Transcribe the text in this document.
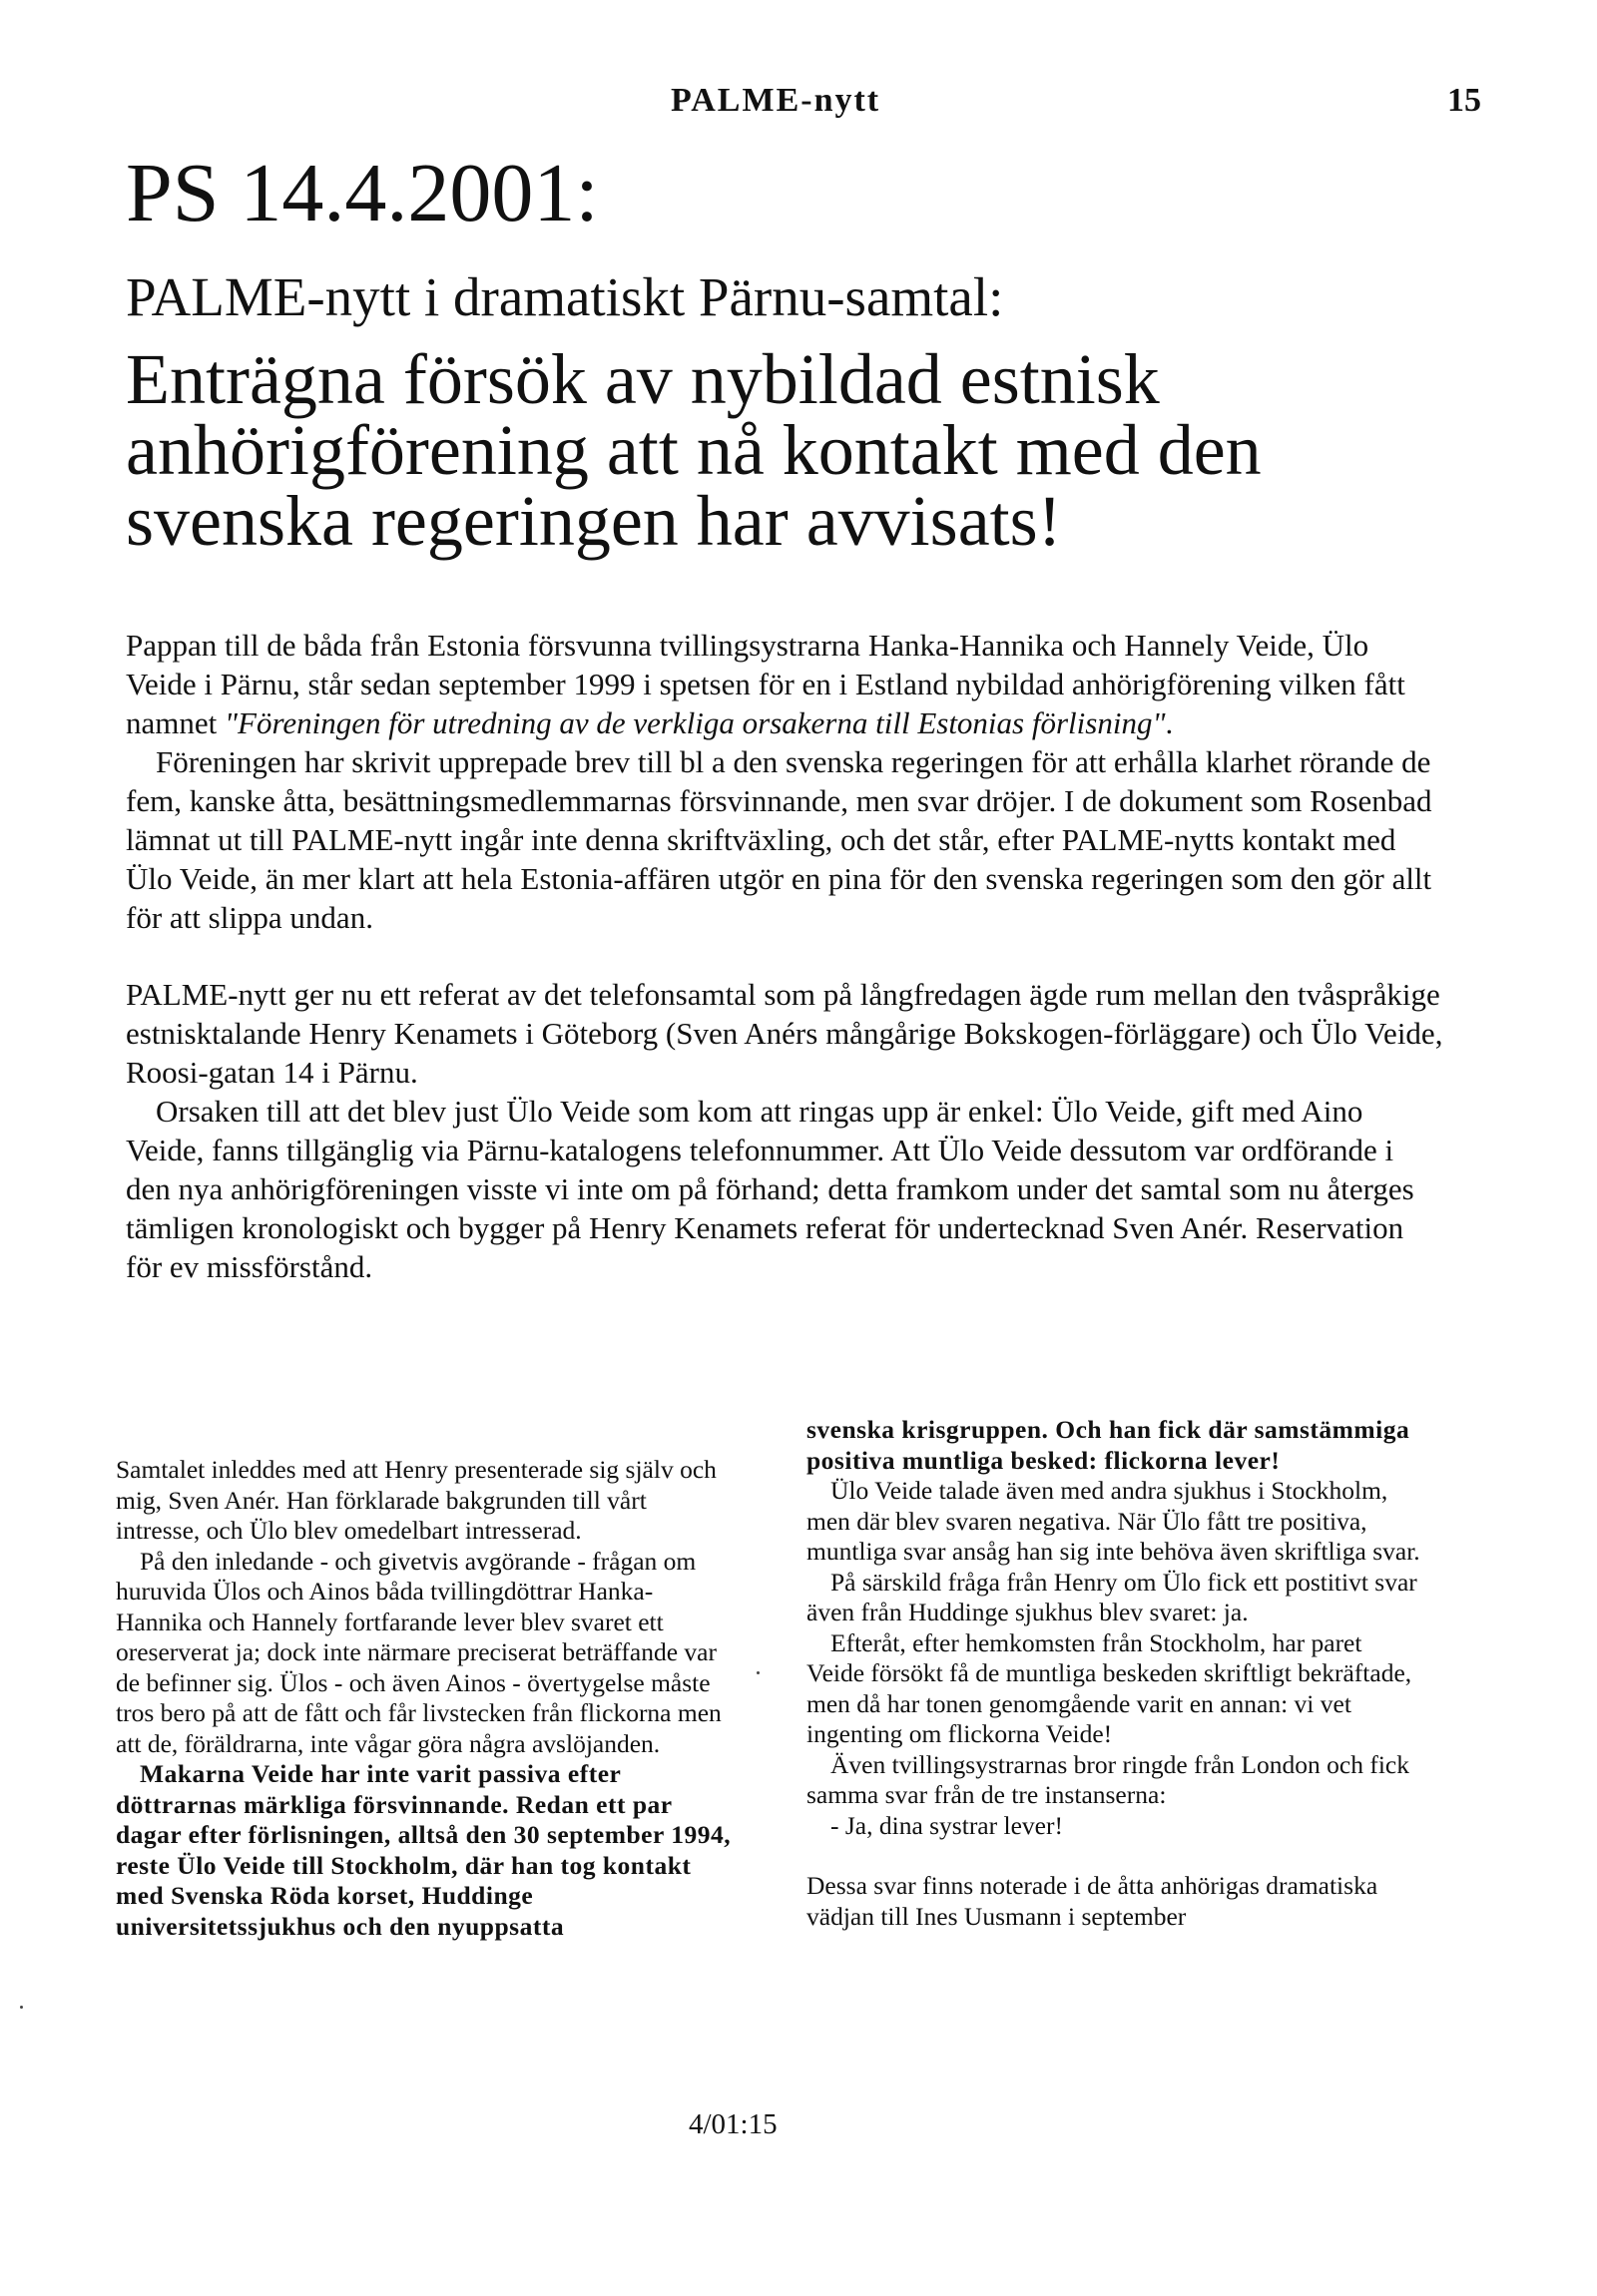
PALME-nytt	15
PS 14.4.2001:
PALME-nytt i dramatiskt Pärnu-samtal:
Enträgna försök av nybildad estnisk
anhörigförening att nå kontakt med den
svenska regeringen har avvisats!

Pappan till de båda från Estonia försvunna tvillingsystrarna Hanka-Hannika och Hannely Veide, Ülo Veide i Pärnu, står sedan september 1999 i spetsen för en i Estland nybildad anhörigförening vilken fått namnet "Föreningen för utredning av de verkliga orsakerna till Estonias förlisning".

Föreningen har skrivit upprepade brev till bl a den svenska regeringen för att erhålla klarhet rörande de fem, kanske åtta, besättningsmedlemmarnas försvinnande, men svar dröjer. I de dokument som Rosenbad lämnat ut till PALME-nytt ingår inte denna skriftväxling, och det står, efter PALME-nytts kontakt med Ülo Veide, än mer klart att hela Estonia-affären utgör en pina för den svenska regeringen som den gör allt för att slippa undan.

PALME-nytt ger nu ett referat av det telefonsamtal som på långfredagen ägde rum mellan den tvåspråkige estnisktalande Henry Kenamets i Göteborg (Sven Anérs mångårige Bokskogen-förläggare) och Ülo Veide, Roosi-gatan 14 i Pärnu.

Orsaken till att det blev just Ülo Veide som kom att ringas upp är enkel: Ülo Veide, gift med Aino Veide, fanns tillgänglig via Pärnu-katalogens telefonnummer. Att Ülo Veide dessutom var ordförande i den nya anhörigföreningen visste vi inte om på förhand; detta framkom under det samtal som nu återges tämligen kronologiskt och bygger på Henry Kenamets referat för undertecknad Sven Anér. Reservation för ev missförstånd.

Samtalet inleddes med att Henry presenterade sig själv och mig, Sven Anér. Han förklarade bakgrunden till vårt intresse, och Ülo blev omedelbart intresserad.

På den inledande - och givetvis avgörande - frågan om huruvida Ülos och Ainos båda tvillingdöttrar Hanka-Hannika och Hannely fortfarande lever blev svaret ett oreserverat ja; dock inte närmare preciserat beträffande var de befinner sig. Ülos - och även Ainos - övertygelse måste tros bero på att de fått och får livstecken från flickorna men att de, föräldrarna, inte vågar göra några avslöjanden.

Makarna Veide har inte varit passiva efter döttrarnas märkliga försvinnande. Redan ett par dagar efter förlisningen, alltså den 30 september 1994, reste Ülo Veide till Stockholm, där han tog kontakt med Svenska Röda korset, Huddinge universitetssjukhus och den nyuppsatta

svenska krisgruppen. Och han fick där samstämmiga positiva muntliga besked: flickorna lever!

Ülo Veide talade även med andra sjukhus i Stockholm, men där blev svaren negativa. När Ülo fått tre positiva, muntliga svar ansåg han sig inte behöva även skriftliga svar.

På särskild fråga från Henry om Ülo fick ett postitivt svar även från Huddinge sjukhus blev svaret: ja.

Efteråt, efter hemkomsten från Stockholm, har paret Veide försökt få de muntliga beskeden skriftligt bekräftade, men då har tonen genomgående varit en annan: vi vet ingenting om flickorna Veide!

Även tvillingsystrarnas bror ringde från London och fick samma svar från de tre instanserna:

- Ja, dina systrar lever!

Dessa svar finns noterade i de åtta anhörigas dramatiska vädjan till Ines Uusmann i september

4/01:15
